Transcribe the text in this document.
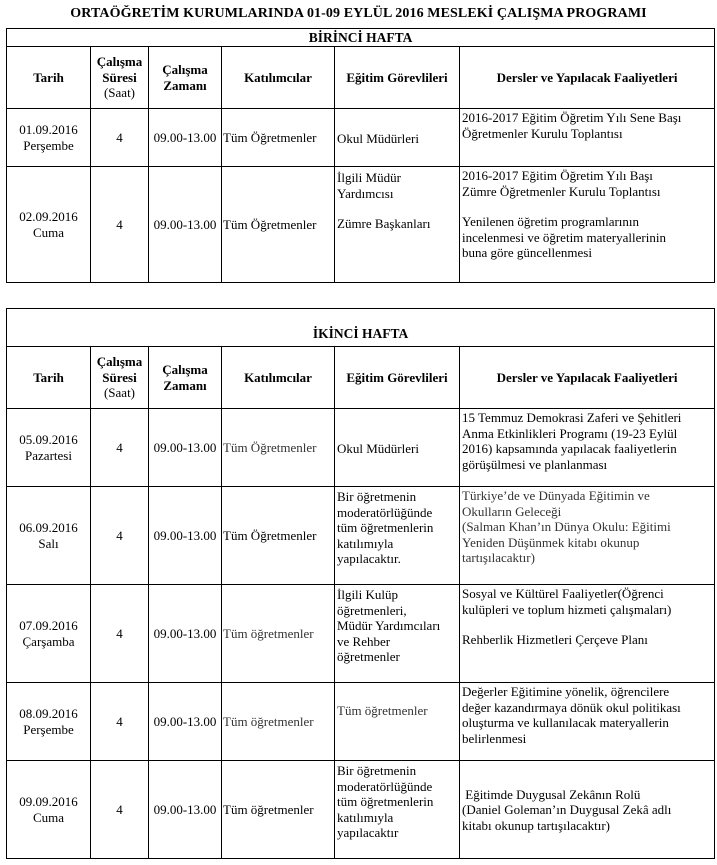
ORTAÖĞRETİM KURUMLARINDA 01-09 EYLÜL 2016 MESLEKİ ÇALIŞMA PROGRAMI
BİRİNCİ HAFTA					
Tarih	Çalışma
Süresi
(Saat)	Çalışma
Zamanı	Katılımcılar	Eğitim Görevlileri	Dersler ve Yapılacak Faaliyetleri

01.09.2016
Perşembe	4	09.00-13.00	Tüm Öğretmenler	Okul Müdürleri	2016-2017 Eğitim Öğretim Yılı Sene Başı
Öğretmenler Kurulu Toplantısı

02.09.2016
Cuma	4	09.00-13.00	Tüm Öğretmenler	İlgili Müdür
Yardımcısı
Zümre Başkanları	2016-2017 Eğitim Öğretim Yılı Başı
Zümre Öğretmenler Kurulu Toplantısı
Yenilenen öğretim programlarının
incelenmesi ve öğretim materyallerinin
buna göre güncellenmesi
İKİNCİ HAFTA					
Tarih	Çalışma
Süresi
(Saat)	Çalışma
Zamanı	Katılımcılar	Eğitim Görevlileri	Dersler ve Yapılacak Faaliyetleri

05.09.2016
Pazartesi	4	09.00-13.00	Tüm Öğretmenler	Okul Müdürleri	15 Temmuz Demokrasi Zaferi ve Şehitleri
Anma Etkinlikleri Programı (19-23 Eylül
2016) kapsamında yapılacak faaliyetlerin
görüşülmesi ve planlanması

06.09.2016
Salı	4	09.00-13.00	Tüm Öğretmenler	Bir öğretmenin
moderatörlüğünde
tüm öğretmenlerin
katılımıyla
yapılacaktır.	Türkiye’de ve Dünyada Eğitimin ve
Okulların Geleceği
(Salman Khan’ın Dünya Okulu: Eğitimi
Yeniden Düşünmek kitabı okunup
tartışılacaktır)

07.09.2016
Çarşamba	4	09.00-13.00	Tüm öğretmenler	İlgili Kulüp
öğretmenleri,
Müdür Yardımcıları
ve Rehber
öğretmenler	Sosyal ve Kültürel Faaliyetler(Öğrenci
kulüpleri ve toplum hizmeti çalışmaları)
Rehberlik Hizmetleri Çerçeve Planı

08.09.2016
Perşembe	4	09.00-13.00	Tüm öğretmenler	Tüm öğretmenler	Değerler Eğitimine yönelik, öğrencilere
değer kazandırmaya dönük okul politikası
oluşturma ve kullanılacak materyallerin
belirlenmesi

09.09.2016
Cuma	4	09.00-13.00	Tüm öğretmenler	Bir öğretmenin
moderatörlüğünde
tüm öğretmenlerin
katılımıyla
yapılacaktır	Eğitimde Duygusal Zekânın Rolü
(Daniel Goleman’ın Duygusal Zekâ adlı
kitabı okunup tartışılacaktır)
